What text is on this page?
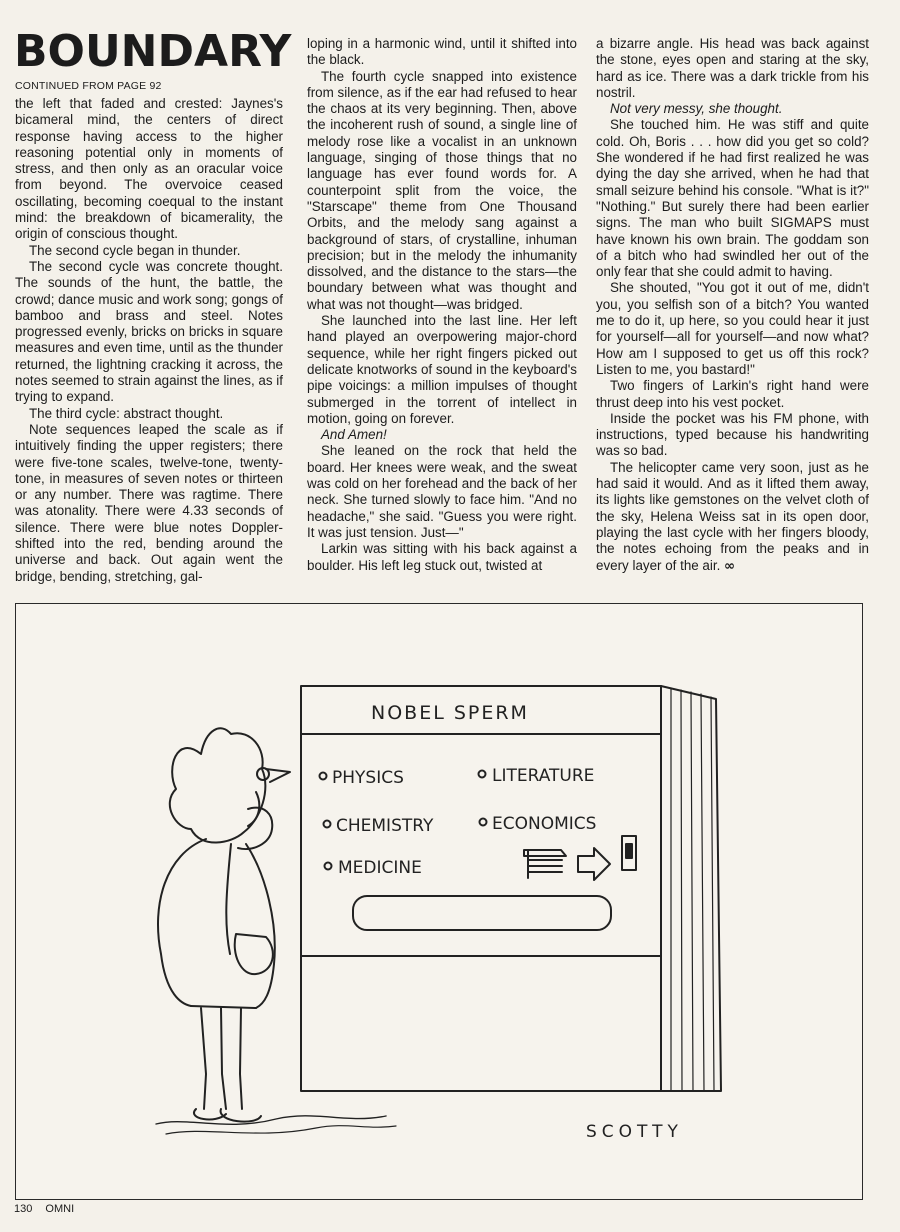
BOUNDARY
CONTINUED FROM PAGE 92

the left that faded and crested: Jaynes's bicameral mind, the centers of direct response having access to the higher reasoning potential only in moments of stress, and then only as an oracular voice from beyond. The overvoice ceased oscillating, becoming coequal to the instant mind: the breakdown of bicamerality, the origin of conscious thought.

The second cycle began in thunder.

The second cycle was concrete thought. The sounds of the hunt, the battle, the crowd; dance music and work song; gongs of bamboo and brass and steel. Notes progressed evenly, bricks on bricks in square measures and even time, until as the thunder returned, the lightning cracking it across, the notes seemed to strain against the lines, as if trying to expand.

The third cycle: abstract thought.

Note sequences leaped the scale as if intuitively finding the upper registers; there were five-tone scales, twelve-tone, twenty-tone, in measures of seven notes or thirteen or any number. There was ragtime. There was atonality. There were 4.33 seconds of silence. There were blue notes Doppler-shifted into the red, bending around the universe and back. Out again went the bridge, bending, stretching, gal-

loping in a harmonic wind, until it shifted into the black.

The fourth cycle snapped into existence from silence, as if the ear had refused to hear the chaos at its very beginning. Then, above the incoherent rush of sound, a single line of melody rose like a vocalist in an unknown language, singing of those things that no language has ever found words for. A counterpoint split from the voice, the "Starscape" theme from One Thousand Orbits, and the melody sang against a background of stars, of crystalline, inhuman precision; but in the melody the inhumanity dissolved, and the distance to the stars—the boundary between what was thought and what was not thought—was bridged.

She launched into the last line. Her left hand played an overpowering major-chord sequence, while her right fingers picked out delicate knotworks of sound in the keyboard's pipe voicings: a million impulses of thought submerged in the torrent of intellect in motion, going on forever.

And Amen!

She leaned on the rock that held the board. Her knees were weak, and the sweat was cold on her forehead and the back of her neck. She turned slowly to face him. "And no headache," she said. "Guess you were right. It was just tension. Just—"

Larkin was sitting with his back against a boulder. His left leg stuck out, twisted at

a bizarre angle. His head was back against the stone, eyes open and staring at the sky, hard as ice. There was a dark trickle from his nostril.

Not very messy, she thought.

She touched him. He was stiff and quite cold. Oh, Boris . . . how did you get so cold? She wondered if he had first realized he was dying the day she arrived, when he had that small seizure behind his console. "What is it?" "Nothing." But surely there had been earlier signs. The man who built SIGMAPS must have known his own brain. The goddam son of a bitch who had swindled her out of the only fear that she could admit to having.

She shouted, "You got it out of me, didn't you, you selfish son of a bitch? You wanted me to do it, up here, so you could hear it just for yourself—all for yourself—and now what? How am I supposed to get us off this rock? Listen to me, you bastard!"

Two fingers of Larkin's right hand were thrust deep into his vest pocket.

Inside the pocket was his FM phone, with instructions, typed because his handwriting was so bad.

The helicopter came very soon, just as he had said it would. And as it lifted them away, its lights like gemstones on the velvet cloth of the sky, Helena Weiss sat in its open door, playing the last cycle with her fingers bloody, the notes echoing from the peaks and in every layer of the air. ∞

NOBEL SPERM
PHYSICS	LITERATURE
CHEMISTRY	ECONOMICS
MEDICINE
SCOTTY
130 OMNI
